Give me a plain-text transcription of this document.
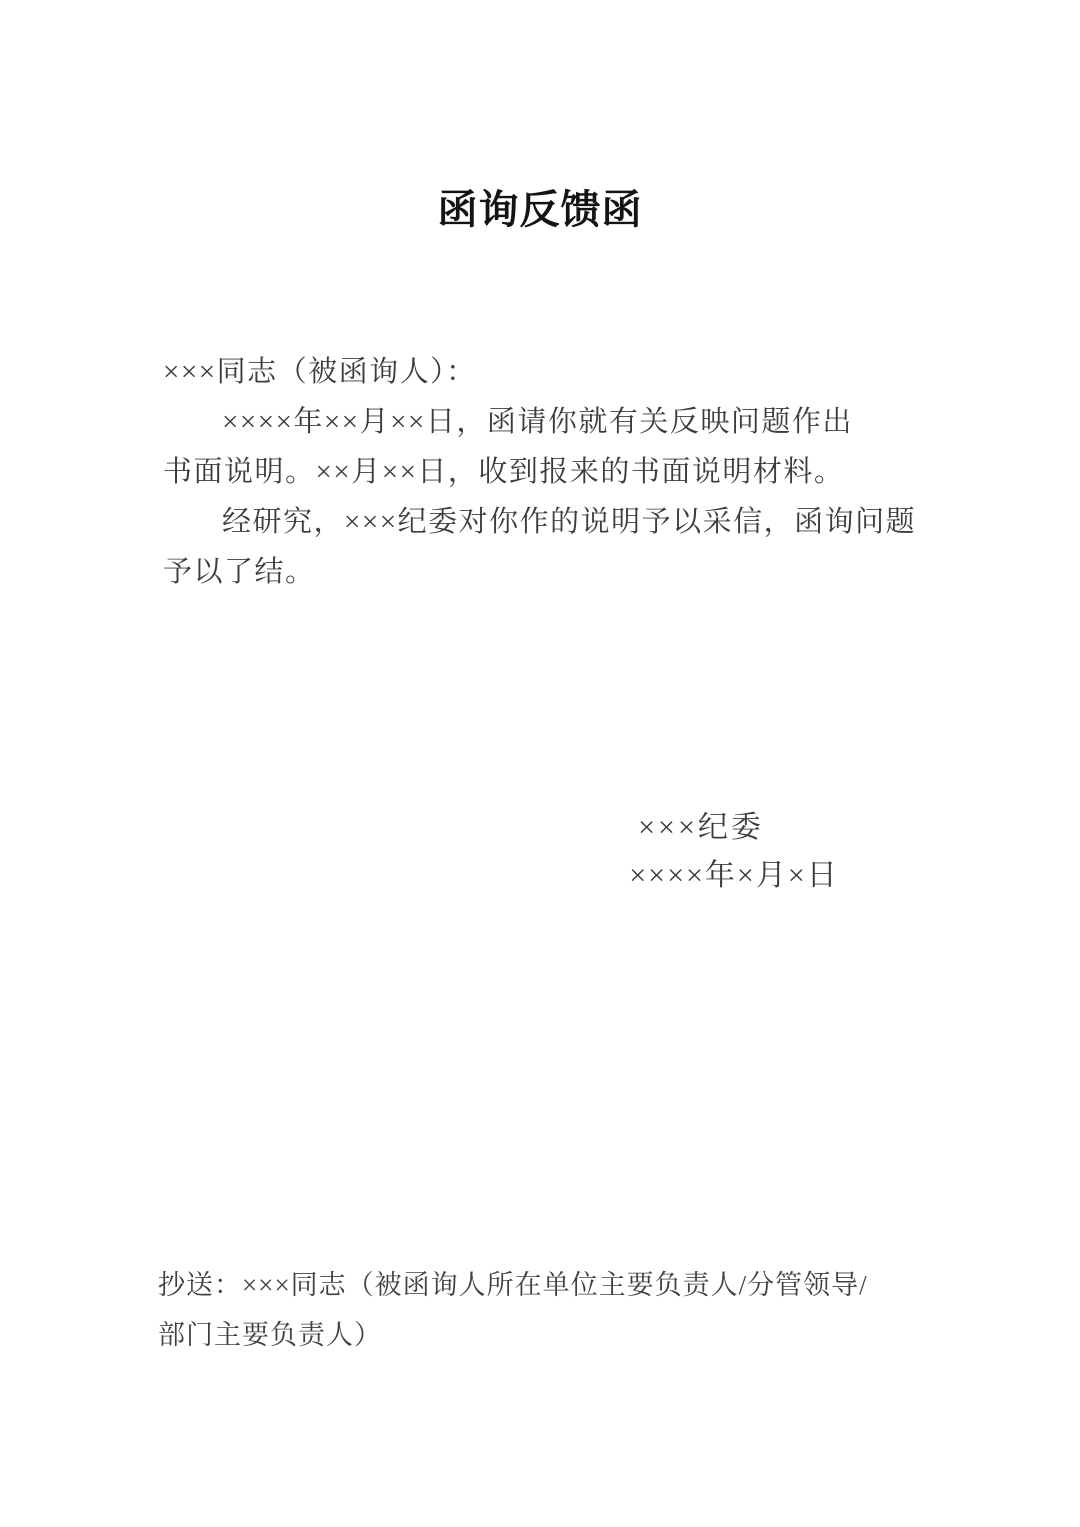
函询反馈函
×××同志（被函询人）：
××××年××月××日，函请你就有关反映问题作出
书面说明。××月××日，收到报来的书面说明材料。
经研究，×××纪委对你作的说明予以采信，函询问题
予以了结。
×××纪委
××××年×月×日
抄送：×××同志（被函询人所在单位主要负责人/分管领导/
部门主要负责人）
